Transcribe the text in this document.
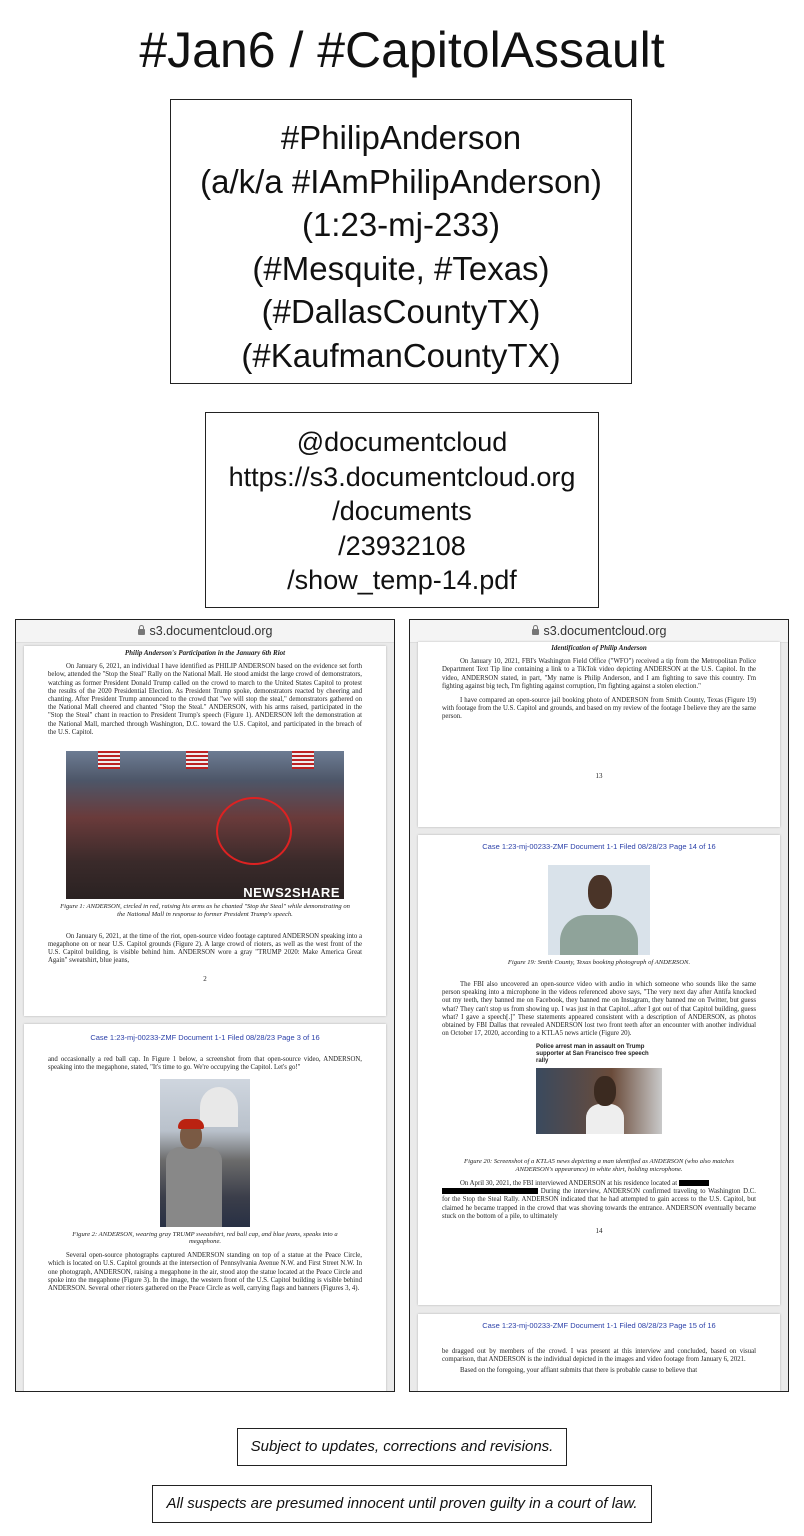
#Jan6 / #CapitolAssault
#PhilipAnderson
(a/k/a #IAmPhilipAnderson)
(1:23-mj-233)
(#Mesquite, #Texas)
(#DallasCountyTX)
(#KaufmanCountyTX)
@documentcloud
https://s3.documentcloud.org
/documents
/23932108
/show_temp-14.pdf
s3.documentcloud.org
Philip Anderson's Participation in the January 6th Riot

On January 6, 2021, an individual I have identified as PHILIP ANDERSON based on the evidence set forth below, attended the "Stop the Steal" Rally on the National Mall. He stood amidst the large crowd of demonstrators, watching as former President Donald Trump called on the crowd to march to the United States Capitol to protest the results of the 2020 Presidential Election. As President Trump spoke, demonstrators reacted by cheering and chanting. After President Trump announced to the crowd that "we will stop the steal," demonstrators gathered on the National Mall cheered and chanted "Stop the Steal." ANDERSON, with his arms raised, participated in the "Stop the Steal" chant in reaction to President Trump's speech (Figure 1). ANDERSON left the demonstration at the National Mall, marched through Washington, D.C. toward the U.S. Capitol, and participated in the breach of the U.S. Capitol.

NEWS2SHARE
Figure 1: ANDERSON, circled in red, raising his arms as he chanted "Stop the Steal" while demonstrating on the National Mall in response to former President Trump's speech.

On January 6, 2021, at the time of the riot, open-source video footage captured ANDERSON speaking into a megaphone on or near U.S. Capitol grounds (Figure 2). A large crowd of rioters, as well as the west front of the U.S. Capitol building, is visible behind him. ANDERSON wore a gray "TRUMP 2020: Make America Great Again" sweatshirt, blue jeans,

2
Case 1:23-mj-00233-ZMF Document 1-1 Filed 08/28/23 Page 3 of 16

and occasionally a red ball cap. In Figure 1 below, a screenshot from that open-source video, ANDERSON, speaking into the megaphone, stated, "It's time to go. We're occupying the Capitol. Let's go!"

Figure 2: ANDERSON, wearing gray TRUMP sweatshirt, red ball cap, and blue jeans, speaks into a megaphone.

Several open-source photographs captured ANDERSON standing on top of a statue at the Peace Circle, which is located on U.S. Capitol grounds at the intersection of Pennsylvania Avenue N.W. and First Street N.W. In one photograph, ANDERSON, raising a megaphone in the air, stood atop the statue located at the Peace Circle and spoke into the megaphone (Figure 3). In the image, the western front of the U.S. Capitol building is visible behind ANDERSON. Several other rioters gathered on the Peace Circle as well, carrying flags and banners (Figures 3, 4).

s3.documentcloud.org
Identification of Philip Anderson

On January 10, 2021, FBI's Washington Field Office ("WFO") received a tip from the Metropolitan Police Department Text Tip line containing a link to a TikTok video depicting ANDERSON at the U.S. Capitol. In the video, ANDERSON stated, in part, "My name is Philip Anderson, and I am fighting to save this country. I'm fighting against big tech, I'm fighting against corruption, I'm fighting against a stolen election."

I have compared an open-source jail booking photo of ANDERSON from Smith County, Texas (Figure 19) with footage from the U.S. Capitol and grounds, and based on my review of the footage I believe they are the same person.

13
Case 1:23-mj-00233-ZMF Document 1-1 Filed 08/28/23 Page 14 of 16
Figure 19: Smith County, Texas booking photograph of ANDERSON.

The FBI also uncovered an open-source video with audio in which someone who sounds like the same person speaking into a microphone in the videos referenced above says, "The very next day after Antifa knocked out my teeth, they banned me on Facebook, they banned me on Instagram, they banned me on Twitter, but guess what? They can't stop us from showing up. I was just in that Capitol...after I got out of that Capitol building, guess what? I gave a speech[.]" These statements appeared consistent with a description of ANDERSON, as photos obtained by FBI Dallas that revealed ANDERSON lost two front teeth after an encounter with another individual on October 17, 2020, according to a KTLA5 news article (Figure 20).

Police arrest man in assault on Trump supporter at San Francisco free speech rally
Figure 20: Screenshot of a KTLA5 news depicting a man identified as ANDERSON (who also matches ANDERSON's appearance) in white shirt, holding microphone.

On April 30, 2021, the FBI interviewed ANDERSON at his residence located at
During the interview, ANDERSON confirmed traveling to Washington D.C. for the Stop the Steal Rally. ANDERSON indicated that he had attempted to gain access to the U.S. Capitol, but claimed he became trapped in the crowd that was shoving towards the entrance. ANDERSON eventually became stuck on the bottom of a pile, to ultimately

14
Case 1:23-mj-00233-ZMF Document 1-1 Filed 08/28/23 Page 15 of 16

be dragged out by members of the crowd. I was present at this interview and concluded, based on visual comparison, that ANDERSON is the individual depicted in the images and video footage from January 6, 2021.

Based on the foregoing, your affiant submits that there is probable cause to believe that

Subject to updates, corrections and revisions.
All suspects are presumed innocent until proven guilty in a court of law.
